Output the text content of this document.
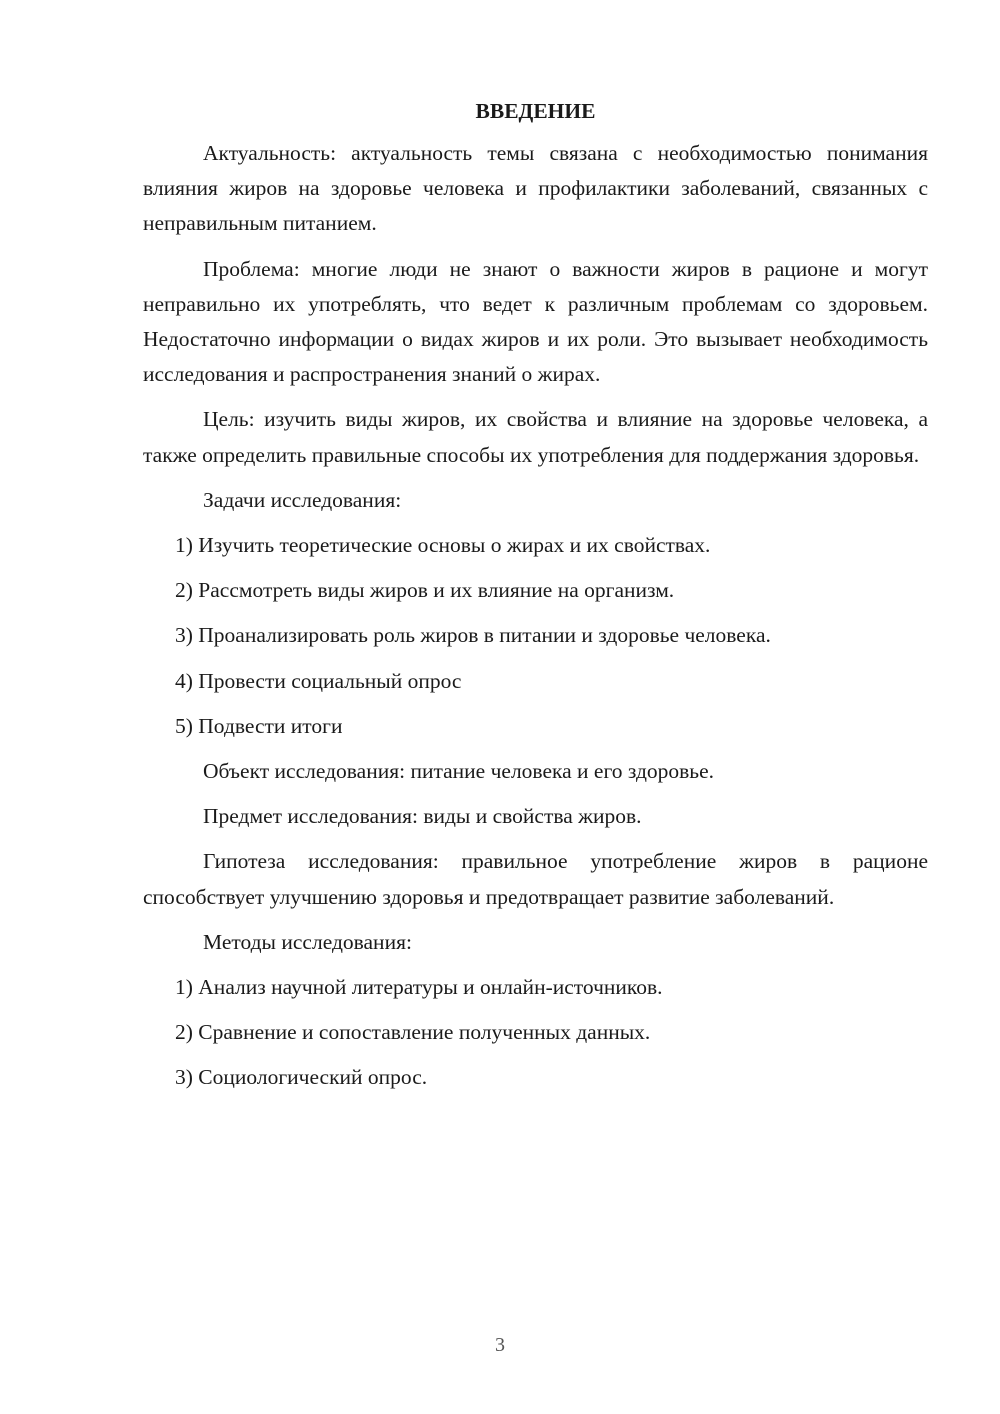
ВВЕДЕНИЕ

Актуальность: актуальность темы связана с необходимостью понимания влияния жиров на здоровье человека и профилактики заболеваний, связанных с неправильным питанием.

Проблема: многие люди не знают о важности жиров в рационе и могут неправильно их употреблять, что ведет к различным проблемам со здоровьем. Недостаточно информации о видах жиров и их роли. Это вызывает необходимость исследования и распространения знаний о жирах.

Цель: изучить виды жиров, их свойства и влияние на здоровье человека, а также определить правильные способы их употребления для поддержания здоровья.

Задачи исследования:

1) Изучить теоретические основы о жирах и их свойствах.

2) Рассмотреть виды жиров и их влияние на организм.

3) Проанализировать роль жиров в питании и здоровье человека.

4) Провести социальный опрос

5) Подвести итоги

Объект исследования: питание человека и его здоровье.

Предмет исследования: виды и свойства жиров.

Гипотеза исследования: правильное употребление жиров в рационе способствует улучшению здоровья и предотвращает развитие заболеваний.

Методы исследования:

1) Анализ научной литературы и онлайн-источников.

2) Сравнение и сопоставление полученных данных.

3) Социологический опрос.

3
